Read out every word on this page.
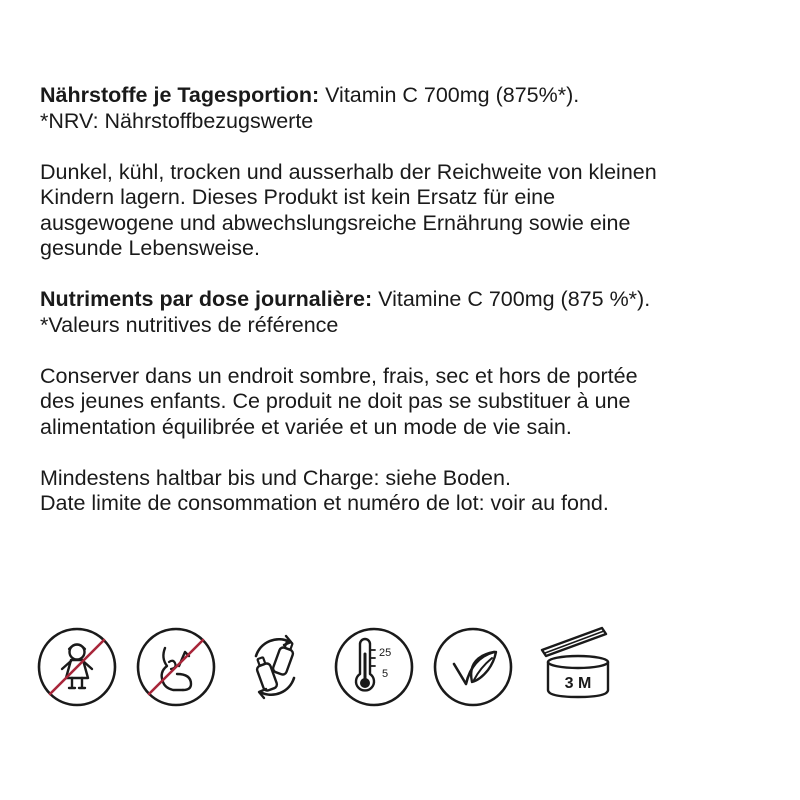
Nährstoffe je Tagesportion: Vitamin C 700mg (875%*).
*NRV: Nährstoffbezugswerte

Dunkel, kühl, trocken und ausserhalb der Reichweite von kleinen
Kindern lagern. Dieses Produkt ist kein Ersatz für eine
ausgewogene und abwechslungsreiche Ernährung sowie eine
gesunde Lebensweise.

Nutriments par dose journalière: Vitamine C 700mg (875 %*).
*Valeurs nutritives de référence

Conserver dans un endroit sombre, frais, sec et hors de portée
des jeunes enfants. Ce produit ne doit pas se substituer à une
alimentation équilibrée et variée et un mode de vie sain.

Mindestens haltbar bis und Charge: siehe Boden.
Date limite de consommation et numéro de lot: voir au fond.

25
5
3 M
